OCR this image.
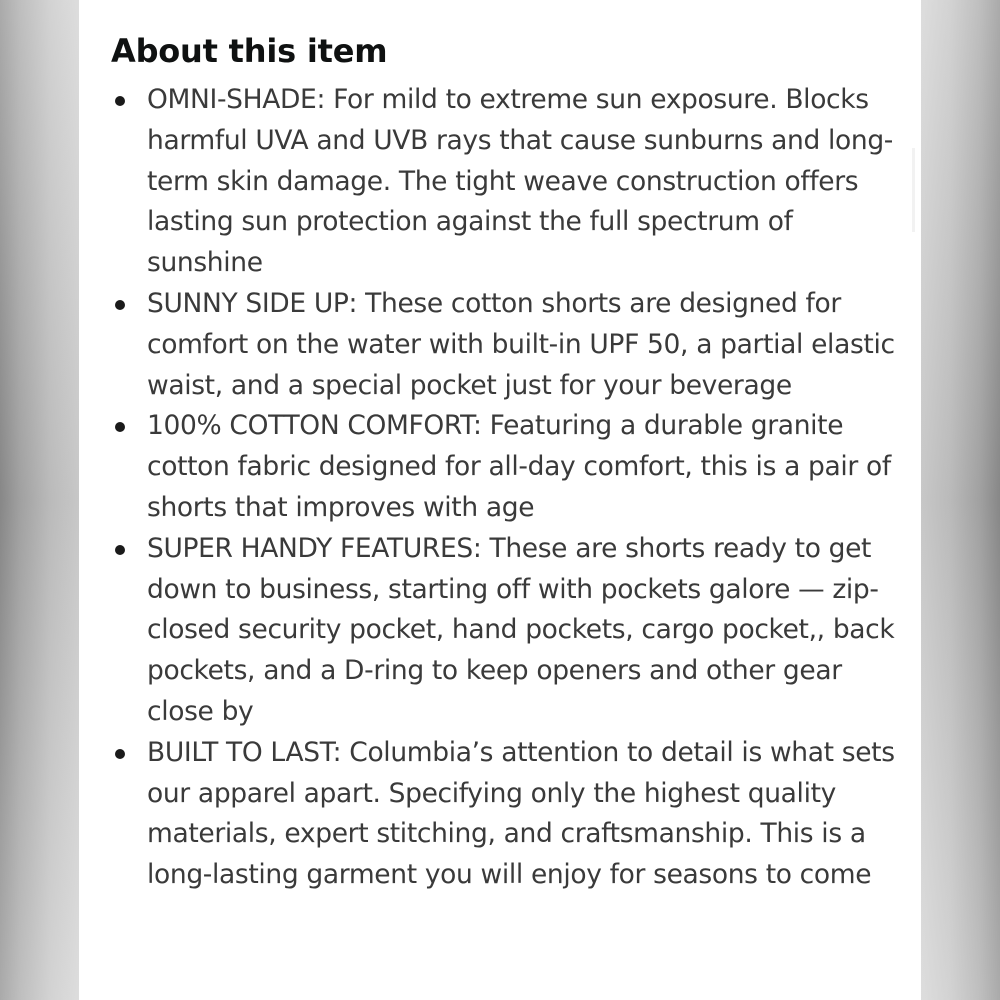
About this item
OMNI-SHADE: For mild to extreme sun exposure. Blocks harmful UVA and UVB rays that cause sunburns and long-term skin damage. The tight weave construction offers lasting sun protection against the full spectrum of sunshine
SUNNY SIDE UP: These cotton shorts are designed for comfort on the water with built-in UPF 50, a partial elastic waist, and a special pocket just for your beverage
100% COTTON COMFORT: Featuring a durable granite cotton fabric designed for all-day comfort, this is a pair of shorts that improves with age
SUPER HANDY FEATURES: These are shorts ready to get down to business, starting off with pockets galore — zip-closed security pocket, hand pockets, cargo pocket,, back pockets, and a D-ring to keep openers and other gear close by
BUILT TO LAST: Columbia’s attention to detail is what sets our apparel apart. Specifying only the highest quality materials, expert stitching, and craftsmanship. This is a long-lasting garment you will enjoy for seasons to come
